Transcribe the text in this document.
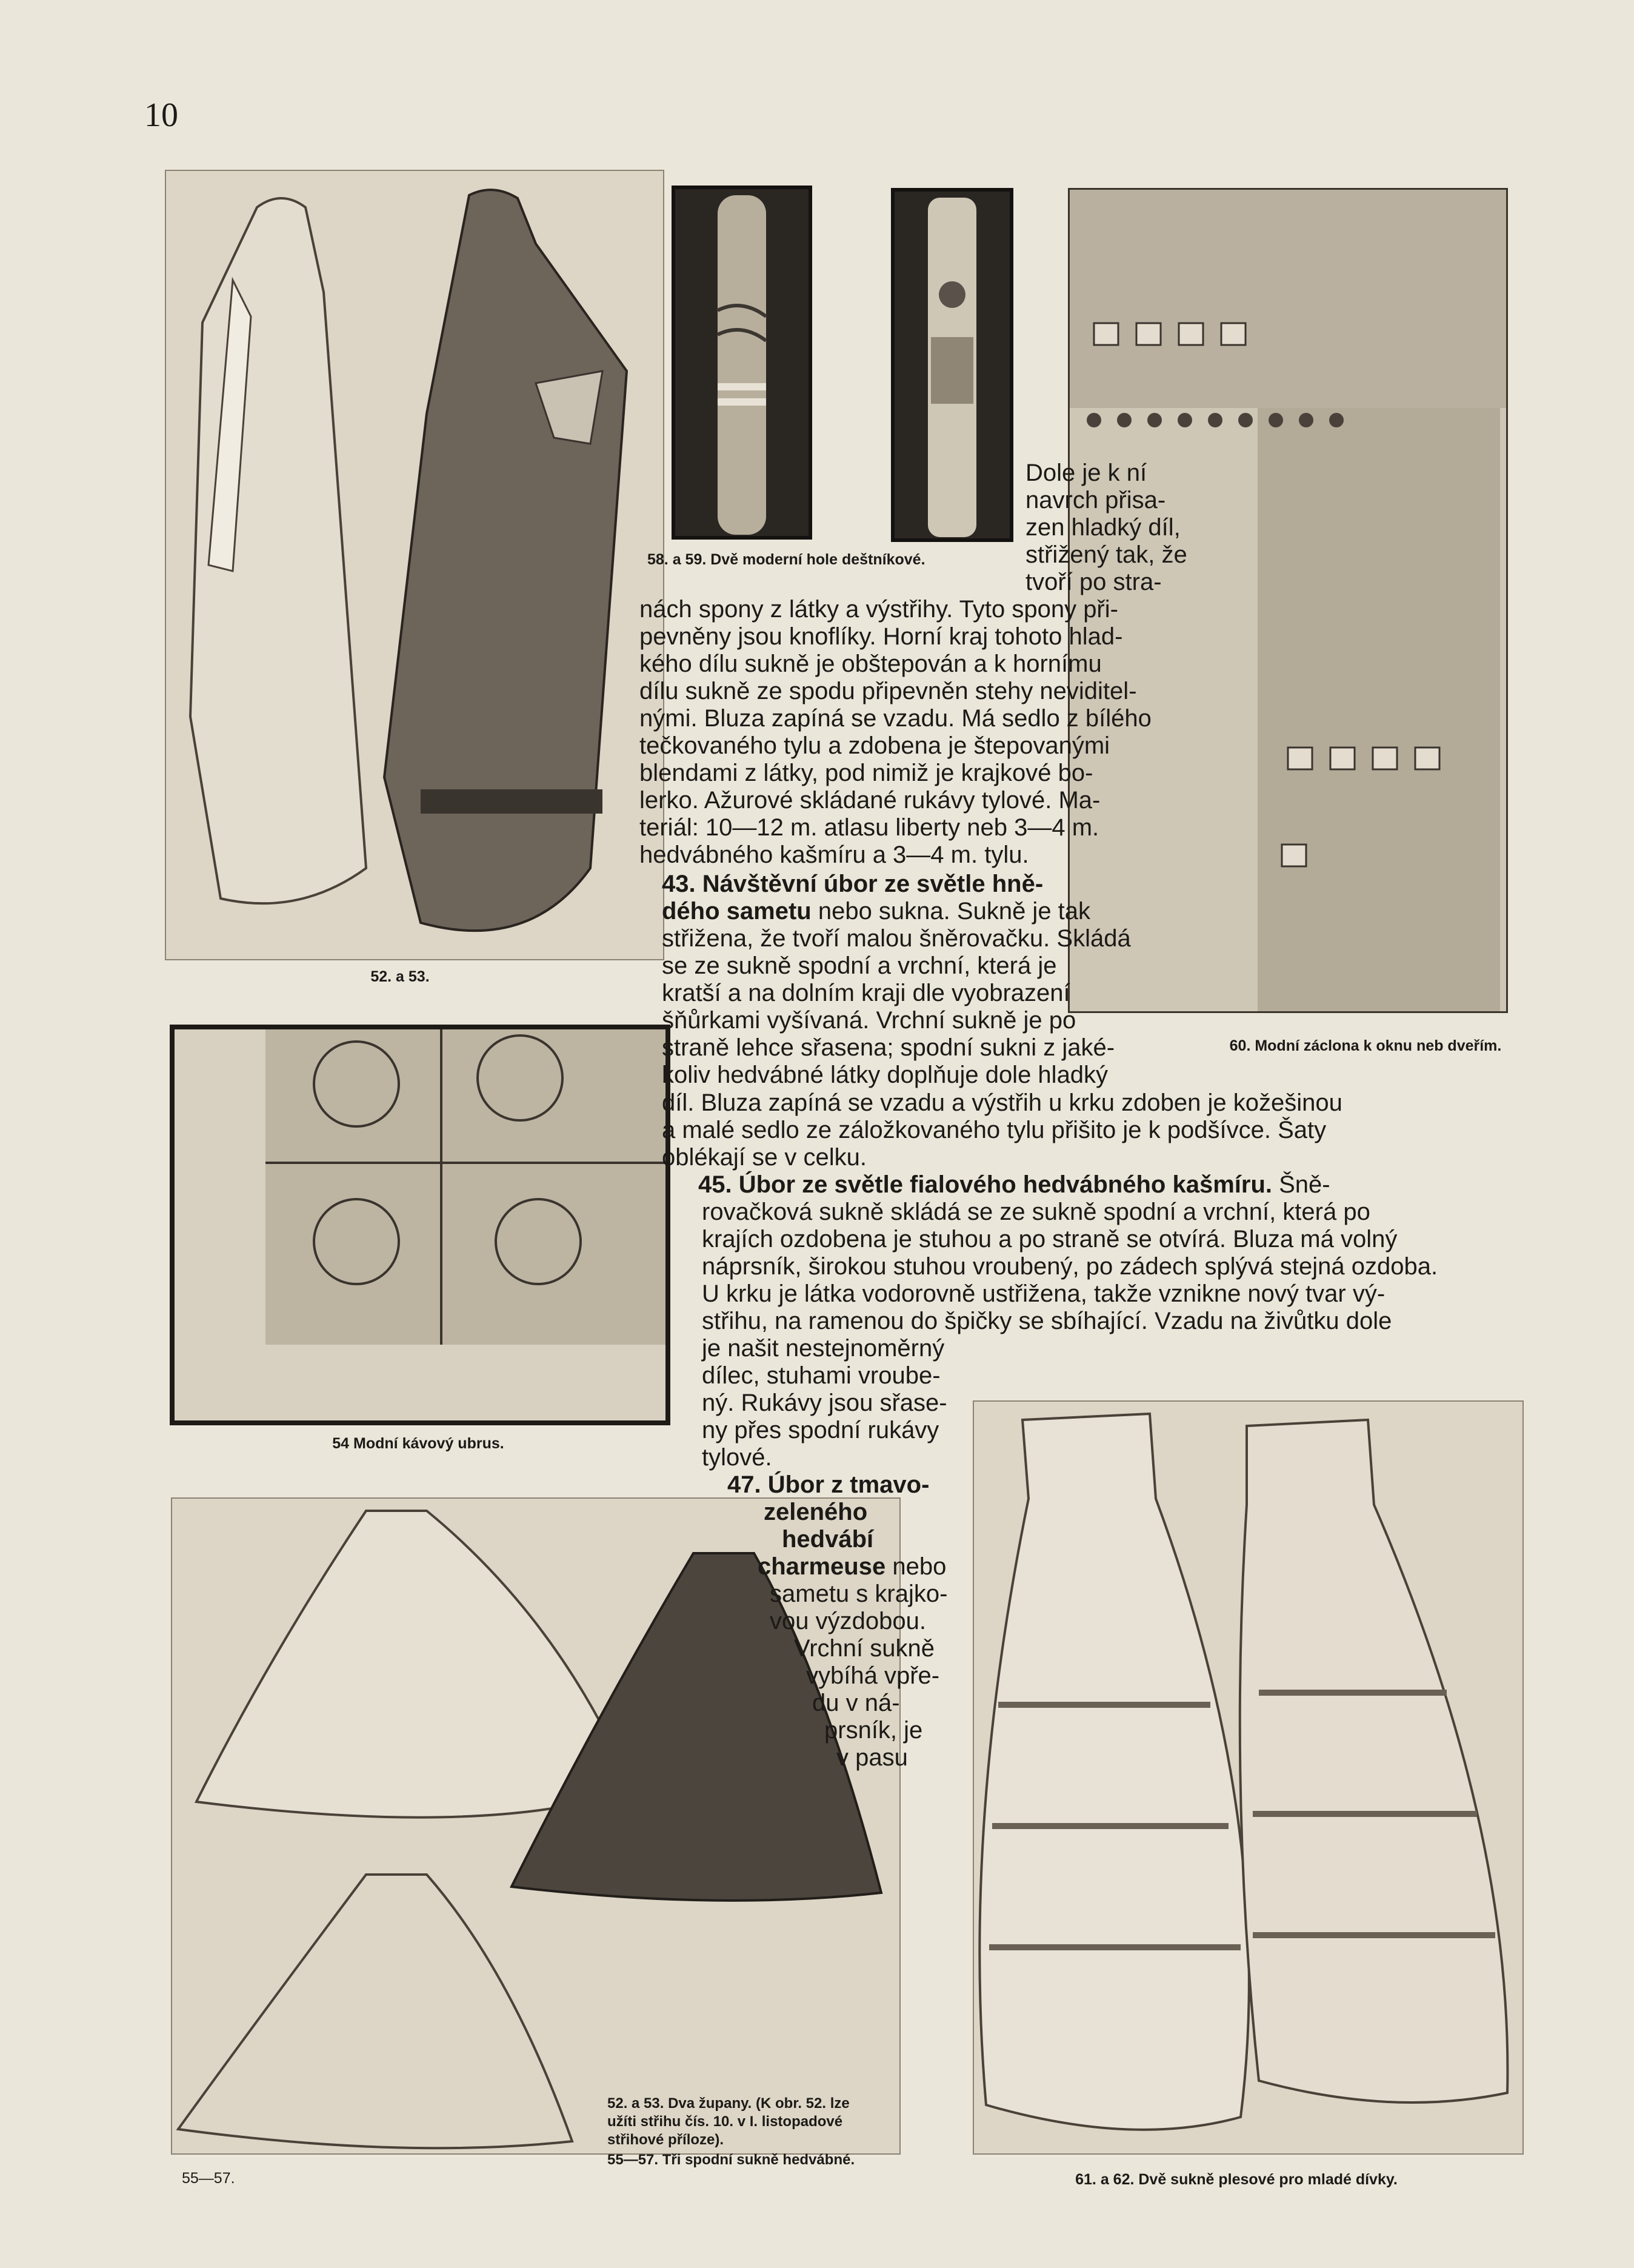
10
52. a 53.
58. a 59. Dvě moderní hole deštníkové.
60. Modní záclona k oknu neb dveřím.
54 Modní kávový ubrus.
55—57.	61. a 62. Dvě sukně plesové pro mladé dívky.
52. a 53. Dva župany. (K obr. 52. lze užíti střihu čís. 10. v I. listopadové střihové příloze).
55—57. Tři spodní sukně hedvábné.
Dole je k ní
navrch přisa-
zen hladký díl,
střižený tak, že
tvoří po stra-
nách spony z látky a výstřihy. Tyto spony při-
pevněny jsou knoflíky. Horní kraj tohoto hlad-
kého dílu sukně je obštepován a k hornímu
dílu sukně ze spodu připevněn stehy neviditel-
nými. Bluza zapíná se vzadu. Má sedlo z bílého
tečkovaného tylu a zdobena je štepovanými
blendami z látky, pod nimiž je krajkové bo-
lerko. Ažurové skládané rukávy tylové. Ma-
teriál: 10—12 m. atlasu liberty neb 3—4 m.
hedvábného kašmíru a 3—4 m. tylu.
43. Návštěvní úbor ze světle hně-
dého sametu nebo sukna. Sukně je tak
střižena, že tvoří malou šněrovačku. Skládá
se ze sukně spodní a vrchní, která je
kratší a na dolním kraji dle vyobrazení
šňůrkami vyšívaná. Vrchní sukně je po
straně lehce sřasena; spodní sukni z jaké-
koliv hedvábné látky doplňuje dole hladký
díl. Bluza zapíná se vzadu a výstřih u krku zdoben je kožešinou
a malé sedlo ze záložkovaného tylu přišito je k podšívce. Šaty
oblékají se v celku.
45. Úbor ze světle fialového hedvábného kašmíru. Šně-
rovačková sukně skládá se ze sukně spodní a vrchní, která po
krajích ozdobena je stuhou a po straně se otvírá. Bluza má volný
náprsník, širokou stuhou vroubený, po zádech splývá stejná ozdoba.
U krku je látka vodorovně ustřižena, takže vznikne nový tvar vý-
střihu, na ramenou do špičky se sbíhající. Vzadu na živůtku dole
je našit nestejnoměrný
dílec, stuhami vroube-
ný. Rukávy jsou sřase-
ny přes spodní rukávy
tylové.
47. Úbor z tmavo-
zeleného
hedvábí
charmeuse nebo
sametu s krajko-
vou výzdobou.
Vrchní sukně
vybíhá vpře-
du v ná-
prsník, je
v pasu
